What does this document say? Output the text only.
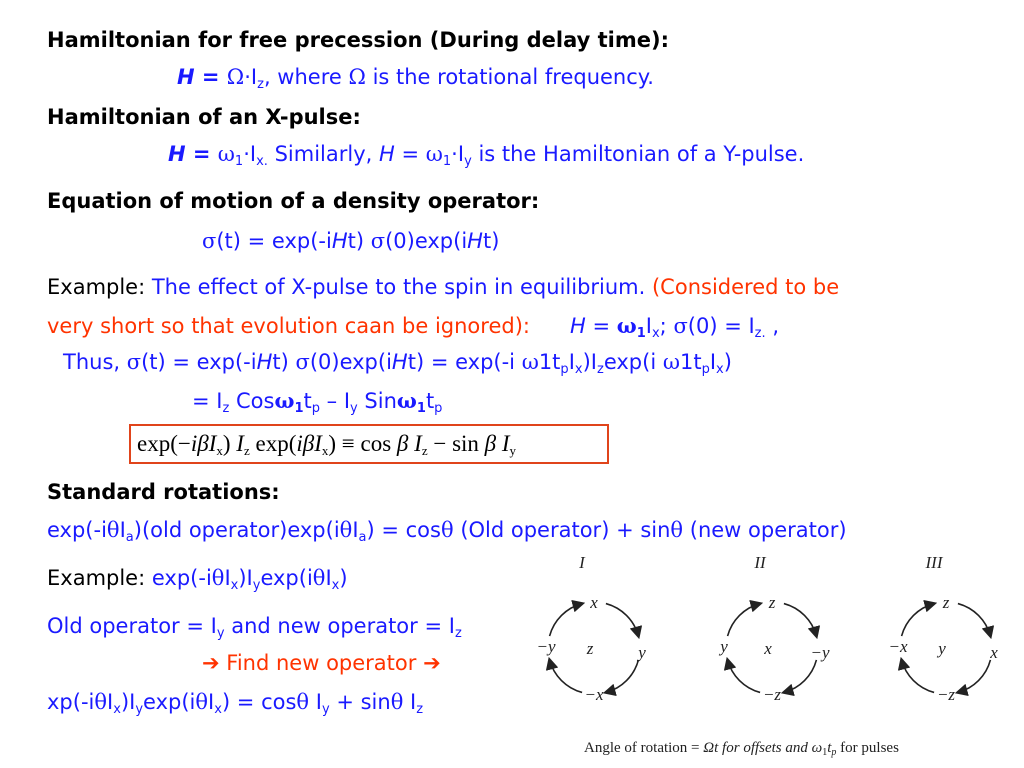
Hamiltonian for free precession (During delay time):
$H = \Omega\cdot I_z$, where Ω is the rotational frequency.
Hamiltonian of an X-pulse:
$H = \omega_1\cdot I_{x.}$ Similarly, $H = \omega_1\cdot I_y$ is the Hamiltonian of a Y-pulse.
Equation of motion of a density operator:
σ(t) = exp(-iHt) σ(0)exp(iHt)
Example: The effect of X-pulse to the spin in equilibrium. (Considered to be
very short so that evolution caan be ignored): $H = \omega_1I_x$; $\sigma(0) = I_{z.}$ ,
Thus, σ(t) = exp(-iHt) σ(0)exp(iHt) = exp(-i $\omega 1t_pI_x)I_z\exp(i$ $\omega 1t_pI_x$)
= $I_z$ $Cos\omega_1t_p - I_y$ $Sin\omega_1t_p$
exp(−iβI$_x$) $I_z$ exp(iβI$_x$) ≡ cos β $I_z - \sin \beta$ $I_y$
Standard rotations:
exp(-iθI$_a$)(old operator)exp(iθI$_a$) = cosθ (Old operator) + sinθ (new operator)
Example: $\exp(-i\theta I_x)I_y\exp(i\theta I_x)$
Old operator = $I_y$ and new operator = $I_z$
➔ Find new operator ➔
$xp(-i\theta I_x)I_y\exp(i\theta I_x) = \cos\theta$ $I_y + \sin\theta$ $I_z$
I
x
−x
−y	y
z
II
z
−z
y	−y
x
III
z
−z
−x	x
y
Angle of rotation = Ωt for offsets and $\omega_1t_p$ for pulses
